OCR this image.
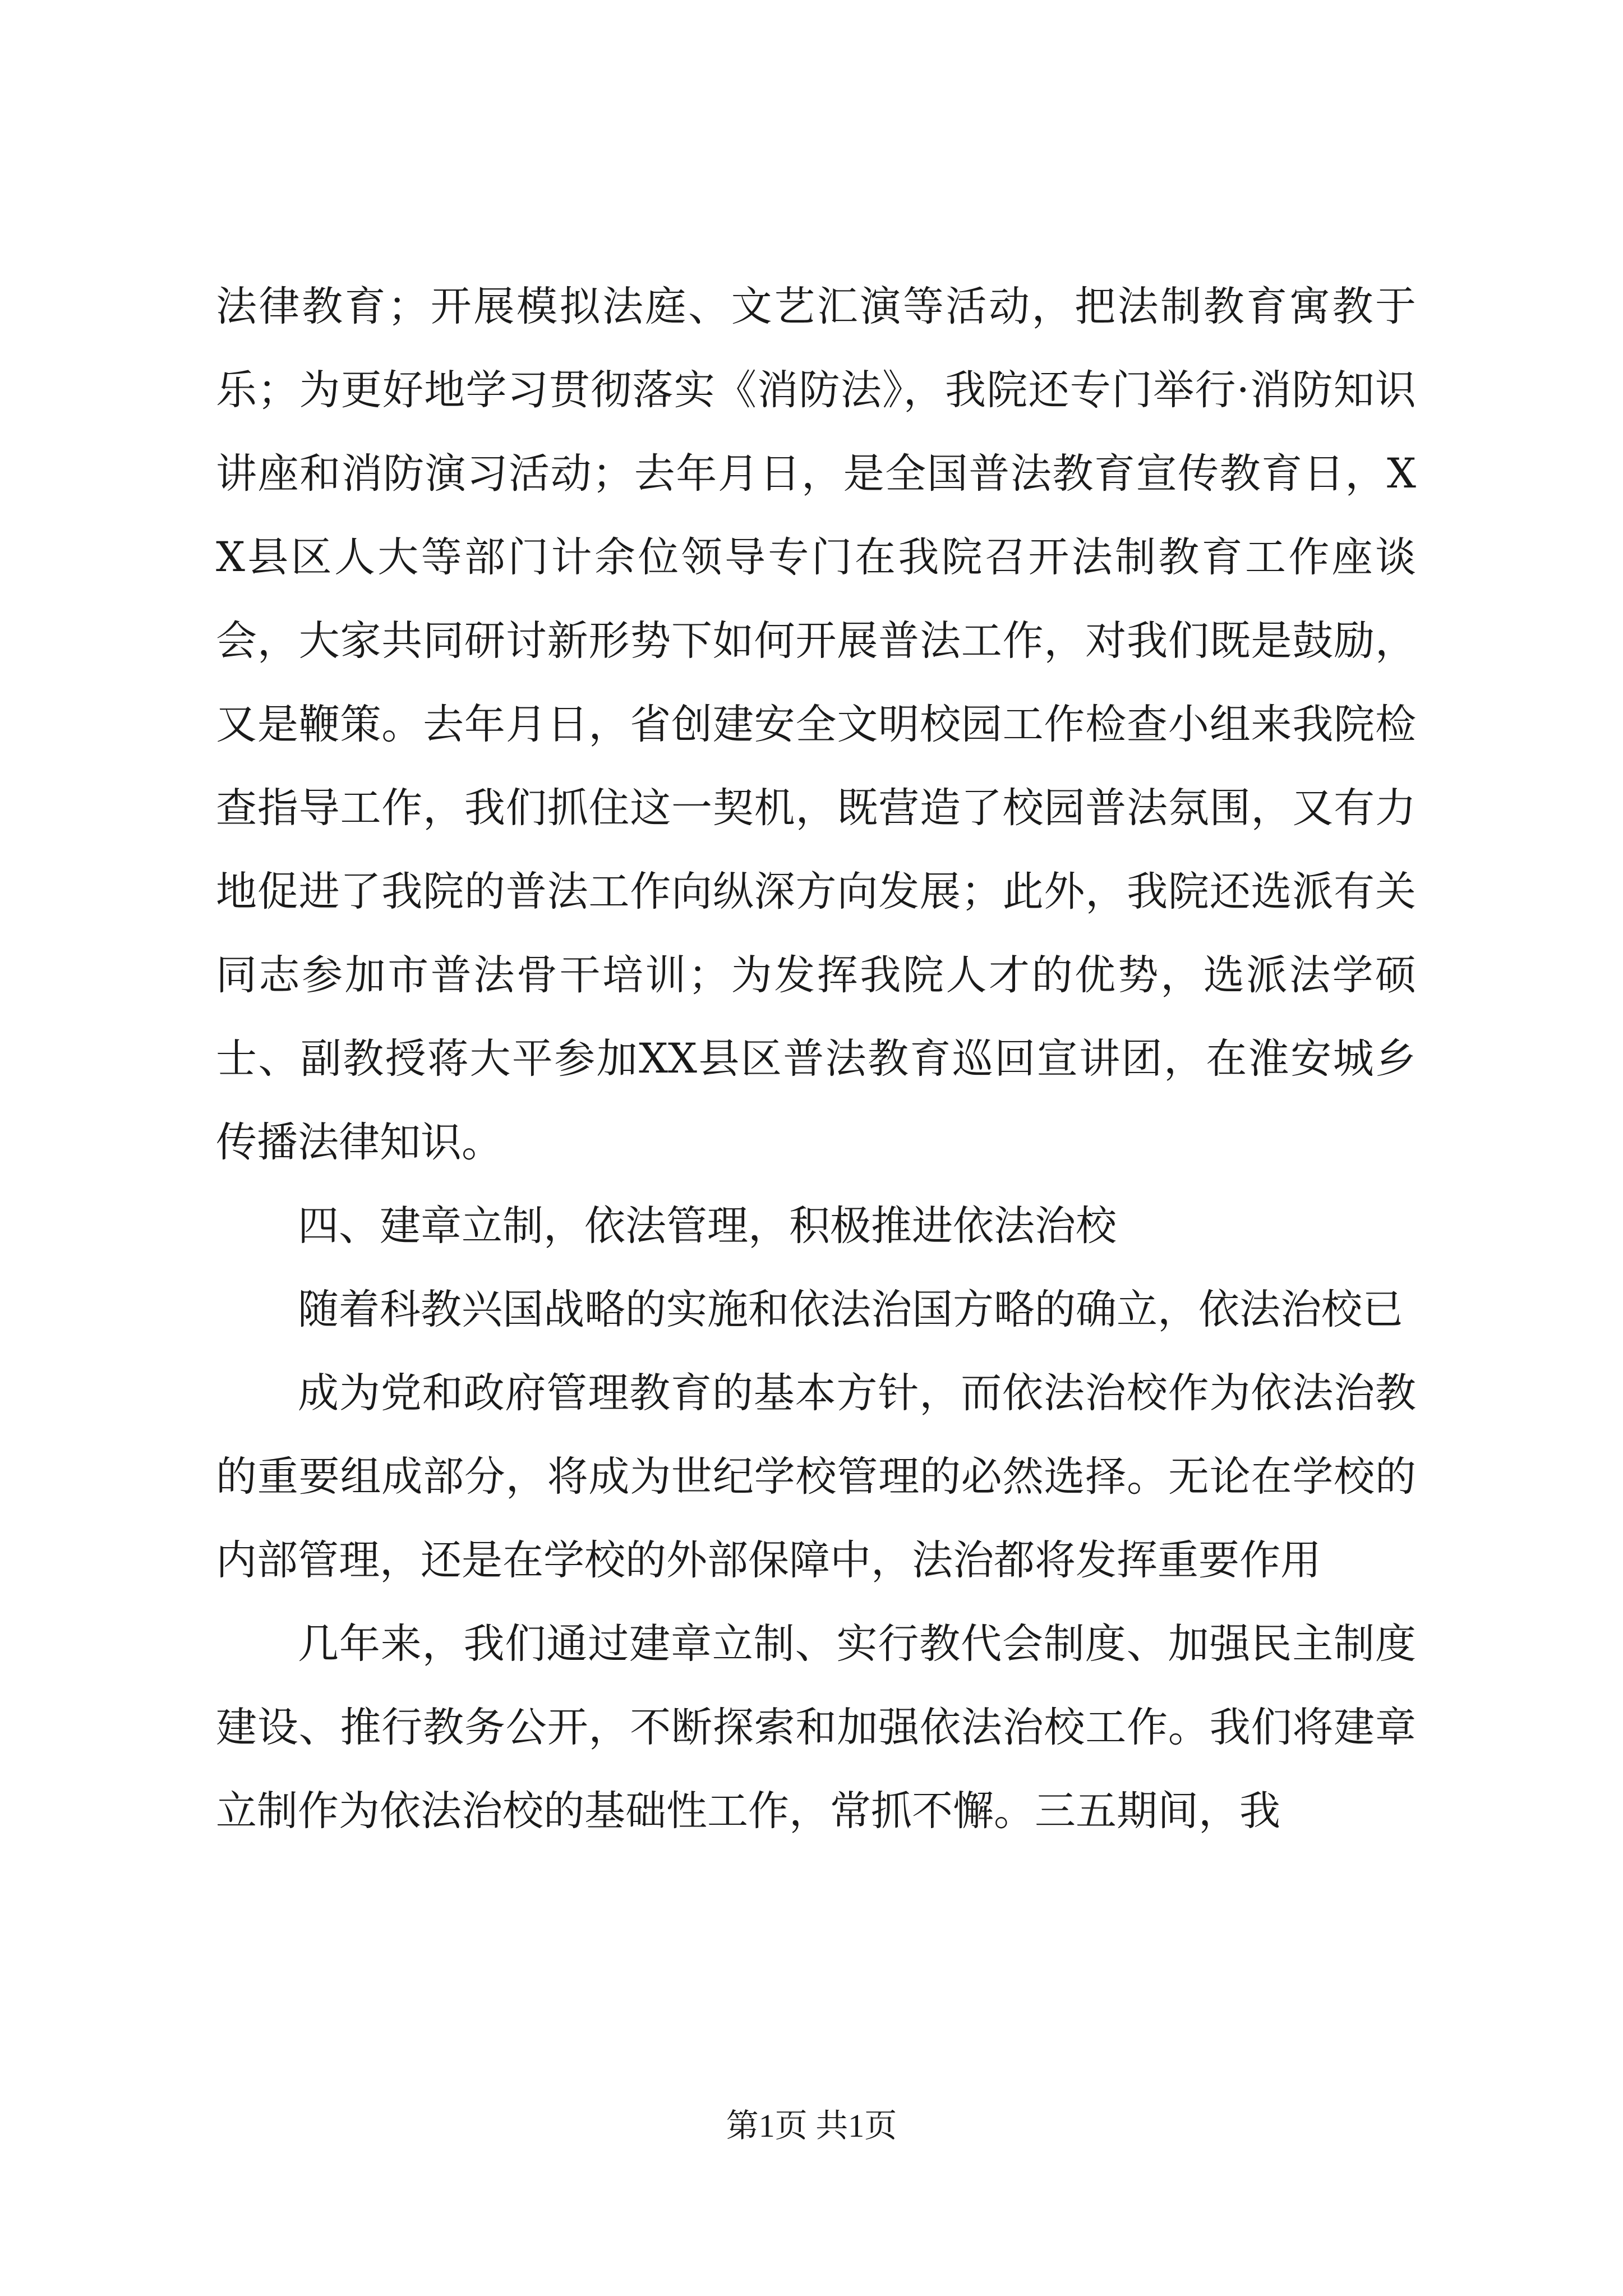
法律教育；开展模拟法庭、文艺汇演等活动，把法制教育寓教于乐；为更好地学习贯彻落实《消防法》，我院还专门举行·消防知识讲座和消防演习活动；去年月日，是全国普法教育宣传教育日，XX县区人大等部门计余位领导专门在我院召开法制教育工作座谈会，大家共同研讨新形势下如何开展普法工作，对我们既是鼓励，又是鞭策。去年月日，省创建安全文明校园工作检查小组来我院检查指导工作，我们抓住这一契机，既营造了校园普法氛围，又有力地促进了我院的普法工作向纵深方向发展；此外，我院还选派有关同志参加市普法骨干培训；为发挥我院人才的优势，选派法学硕士、副教授蒋大平参加XX县区普法教育巡回宣讲团，在淮安城乡传播法律知识。

四、建章立制，依法管理，积极推进依法治校

随着科教兴国战略的实施和依法治国方略的确立，依法治校已

成为党和政府管理教育的基本方针，而依法治校作为依法治教的重要组成部分，将成为世纪学校管理的必然选择。无论在学校的内部管理，还是在学校的外部保障中，法治都将发挥重要作用

几年来，我们通过建章立制、实行教代会制度、加强民主制度建设、推行教务公开，不断探索和加强依法治校工作。我们将建章立制作为依法治校的基础性工作，常抓不懈。三五期间，我

第1页 共1页
